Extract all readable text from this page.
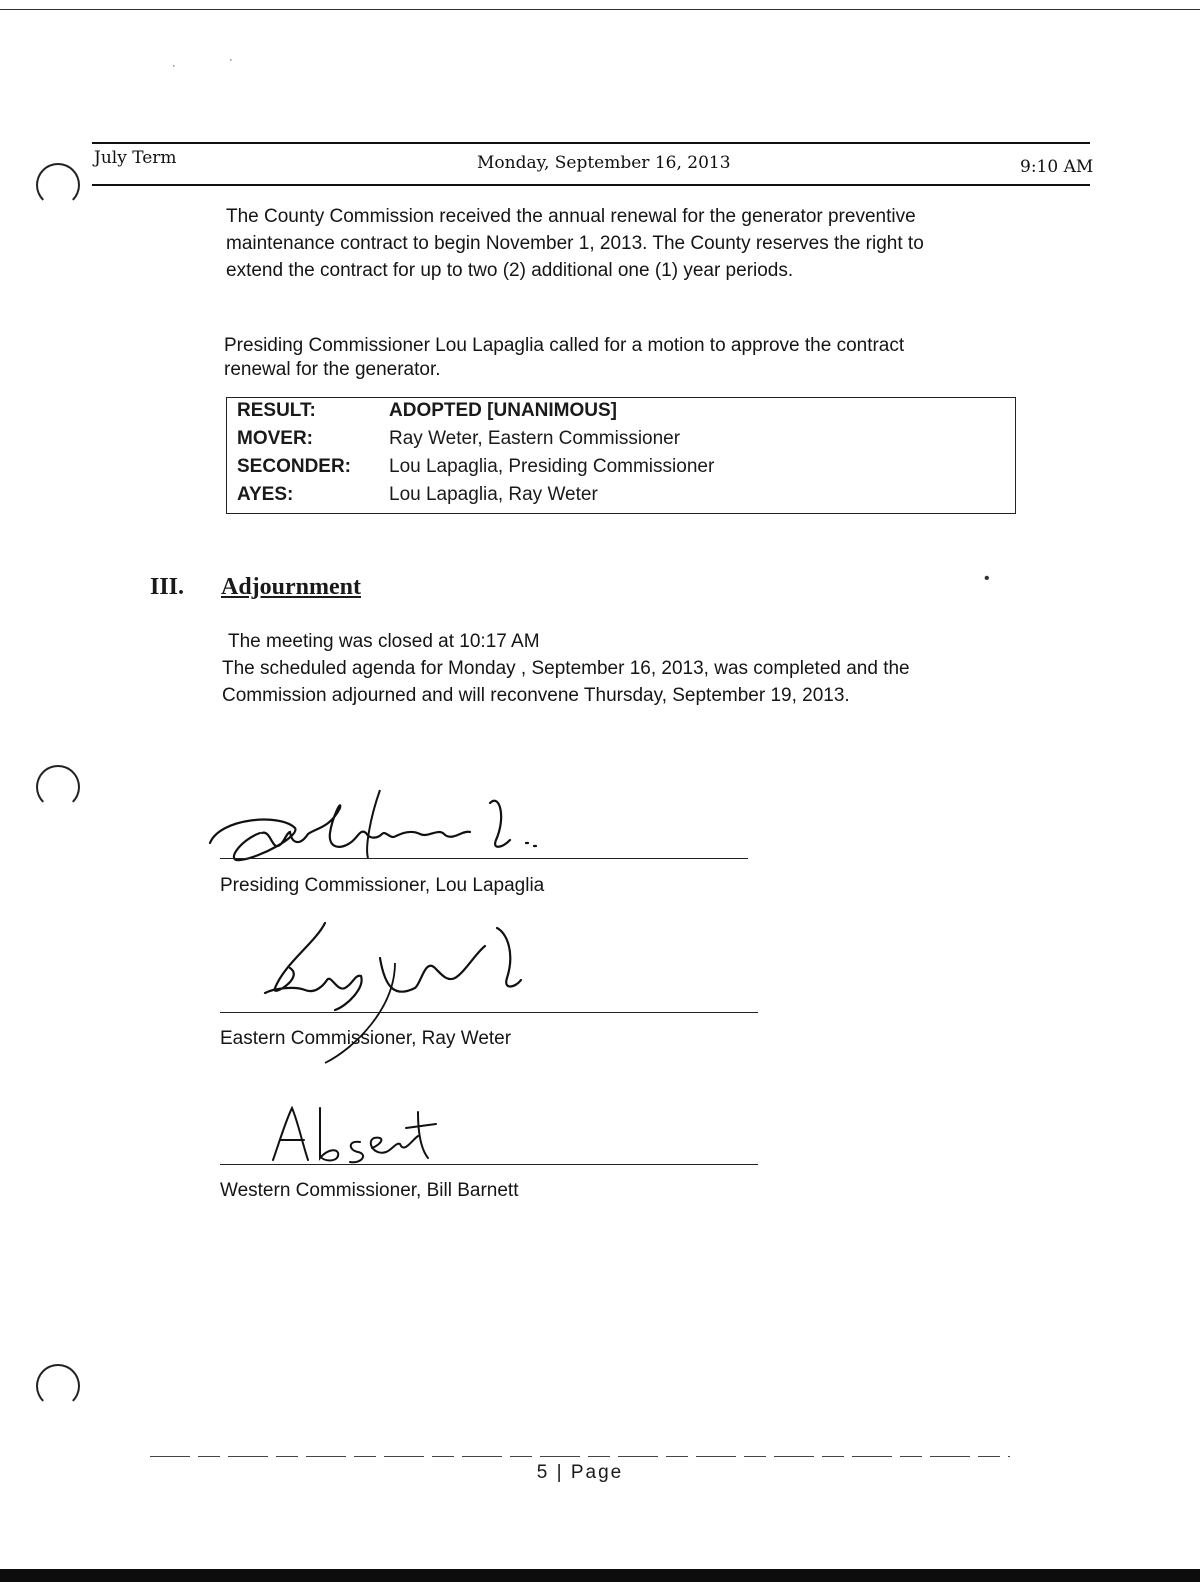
·	·
•
July Term	Monday, September 16, 2013	9:10 AM

The County Commission received the annual renewal for the generator preventive
maintenance contract to begin November 1, 2013. The County reserves the right to
extend the contract for up to two (2) additional one (1) year periods.

Presiding Commissioner Lou Lapaglia called for a motion to approve the contract
renewal for the generator.

RESULT:	ADOPTED [UNANIMOUS]
MOVER:	Ray Weter, Eastern Commissioner
SECONDER: Lou Lapaglia, Presiding Commissioner
AYES:	Lou Lapaglia, Ray Weter
III. Adjournment

The meeting was closed at 10:17 AM
The scheduled agenda for Monday , September 16, 2013, was completed and the
Commission adjourned and will reconvene Thursday, September 19, 2013.

Presiding Commissioner, Lou Lapaglia
Eastern Commissioner, Ray Weter
Western Commissioner, Bill Barnett
5 | Page
